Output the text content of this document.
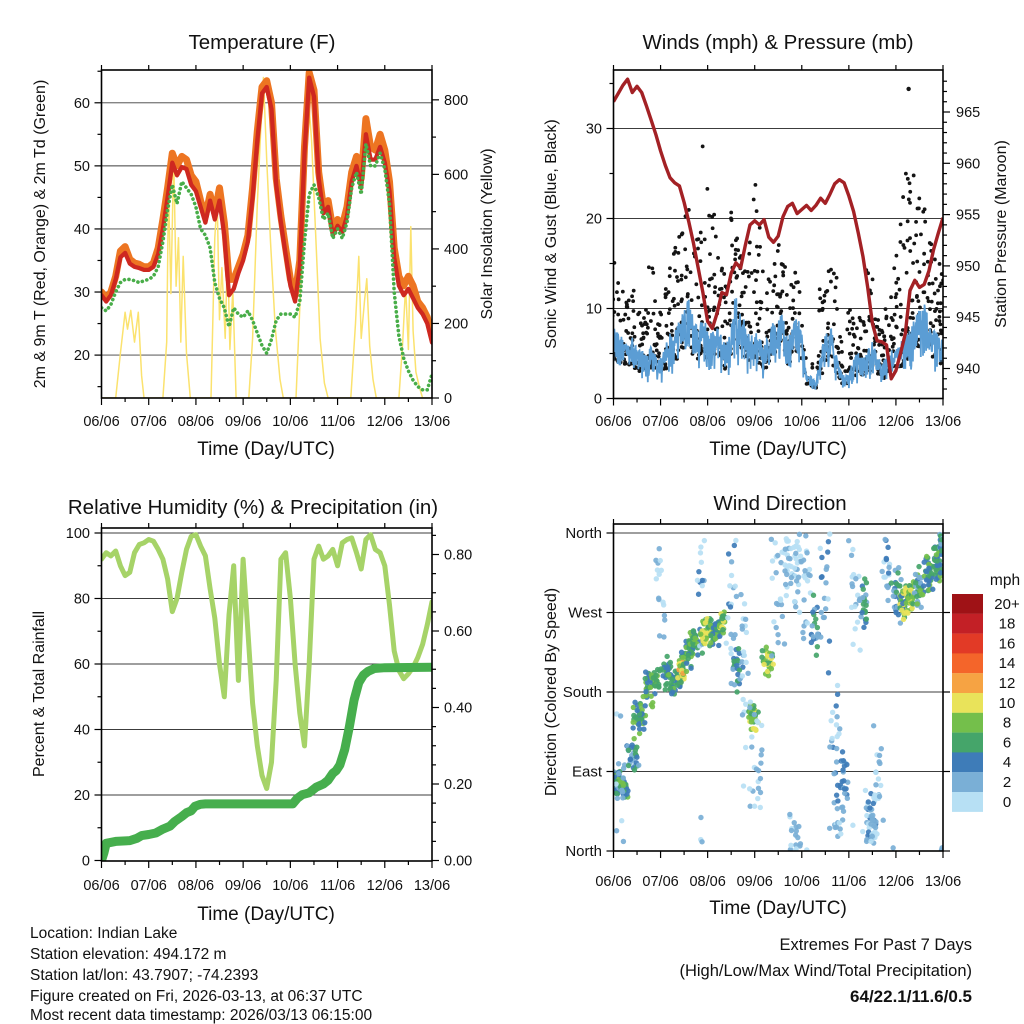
06/06 07/06 08/06 09/06 10/06 11/06 12/06 13/06
20
30
40
50
60
0
200
400
600
800
06/06 07/06 08/06 09/06 10/06 11/06 12/06 13/06
0
10
20
30
940
945
950
955
960
965
06/06 07/06 08/06 09/06 10/06 11/06 12/06 13/06
0
20
40
60
80
100
0.00
0.20
0.40
0.60
0.80
06/06 07/06 08/06 09/06 10/06 11/06 12/06 13/06
North
West
South
East
North
20+
18
16
14
12
10
8
6
4
2
0
Temperature (F)
2m & 9m T (Red, Orange) & 2m Td (Green)	Solar Insolation (Yellow)
Time (Day/UTC)
Winds (mph) & Pressure (mb)
Sonic Wind & Gust (Blue, Black)	Station Pressure (Maroon)
Time (Day/UTC)
Relative Humidity (%) & Precipitation (in)
Percent & Total Rainfall
Time (Day/UTC)
Wind Direction
Direction (Colored By Speed)
Time (Day/UTC)
mph
Location: Indian Lake
Station elevation: 494.172 m
Station lat/lon: 43.7907; -74.2393
Figure created on Fri, 2026-03-13, at 06:37 UTC
Most recent data timestamp: 2026/03/13 06:15:00
Extremes For Past 7 Days
(High/Low/Max Wind/Total Precipitation)
64/22.1/11.6/0.5
